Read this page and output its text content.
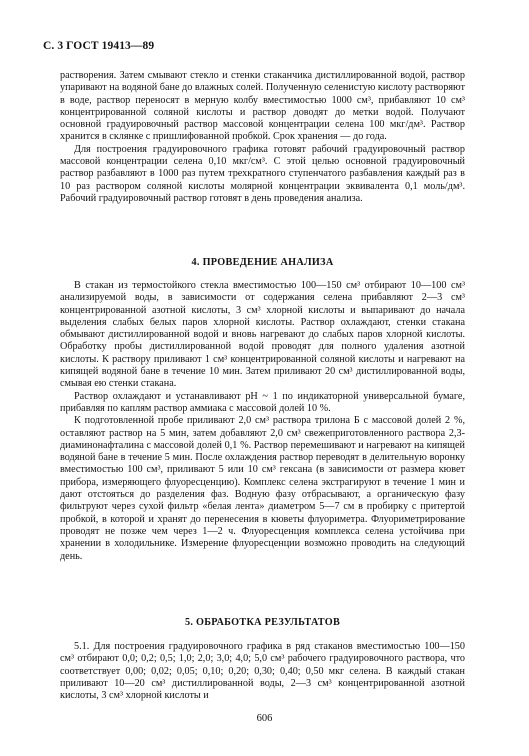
С. 3 ГОСТ 19413—89

растворения. Затем смывают стекло и стенки стаканчика дистиллированной водой, раствор упаривают на водяной бане до влажных солей. Полученную селенистую кислоту растворяют в воде, раствор переносят в мерную колбу вместимостью 1000 см³, прибавляют 10 см³ концентрированной соляной кислоты и раствор доводят до метки водой. Получают основной градуировочный раствор массовой концентрации селена 100 мкг/дм³. Раствор хранится в склянке с пришлифованной пробкой. Срок хранения — до года.

Для построения градуировочного графика готовят рабочий градуировочный раствор массовой концентрации селена 0,10 мкг/см³. С этой целью основной градуировочный раствор разбавляют в 1000 раз путем трехкратного ступенчатого разбавления каждый раз в 10 раз раствором соляной кислоты молярной концентрации эквивалента 0,1 моль/дм³. Рабочий градуировочный раствор готовят в день проведения анализа.

4. ПРОВЕДЕНИЕ АНАЛИЗА

В стакан из термостойкого стекла вместимостью 100—150 см³ отбирают 10—100 см³ анализируемой воды, в зависимости от содержания селена прибавляют 2—3 см³ концентрированной азотной кислоты, 3 см³ хлорной кислоты и выпаривают до начала выделения слабых белых паров хлорной кислоты. Раствор охлаждают, стенки стакана обмывают дистиллированной водой и вновь нагревают до слабых паров хлорной кислоты. Обработку пробы дистиллированной водой проводят для полного удаления азотной кислоты. К раствору приливают 1 см³ концентрированной соляной кислоты и нагревают на кипящей водяной бане в течение 10 мин. Затем приливают 20 см³ дистиллированной воды, смывая ею стенки стакана.

Раствор охлаждают и устанавливают pH ~ 1 по индикаторной универсальной бумаге, прибавляя по каплям раствор аммиака с массовой долей 10 %.

К подготовленной пробе приливают 2,0 см³ раствора трилона Б с массовой долей 2 %, оставляют раствор на 5 мин, затем добавляют 2,0 см³ свежеприготовленного раствора 2,3-диаминонафталина с массовой долей 0,1 %. Раствор перемешивают и нагревают на кипящей водяной бане в течение 5 мин. После охлаждения раствор переводят в делительную воронку вместимостью 100 см³, приливают 5 или 10 см³ гексана (в зависимости от размера кювет прибора, измеряющего флуоресценцию). Комплекс селена экстрагируют в течение 1 мин и дают отстояться до разделения фаз. Водную фазу отбрасывают, а органическую фазу фильтруют через сухой фильтр «белая лента» диаметром 5—7 см в пробирку с притертой пробкой, в которой и хранят до перенесения в кюветы флуориметра. Флуориметрирование проводят не позже чем через 1—2 ч. Флуоресценция комплекса селена устойчива при хранении в холодильнике. Измерение флуоресценции возможно проводить на следующий день.

5. ОБРАБОТКА РЕЗУЛЬТАТОВ

5.1. Для построения градуировочного графика в ряд стаканов вместимостью 100—150 см³ отбирают 0,0; 0,2; 0,5; 1,0; 2,0; 3,0; 4,0; 5,0 см³ рабочего градуировочного раствора, что соответствует 0,00; 0,02; 0,05; 0,10; 0,20; 0,30; 0,40; 0,50 мкг селена. В каждый стакан приливают 10—20 см³ дистиллированной воды, 2—3 см³ концентрированной азотной кислоты, 3 см³ хлорной кислоты и

606
